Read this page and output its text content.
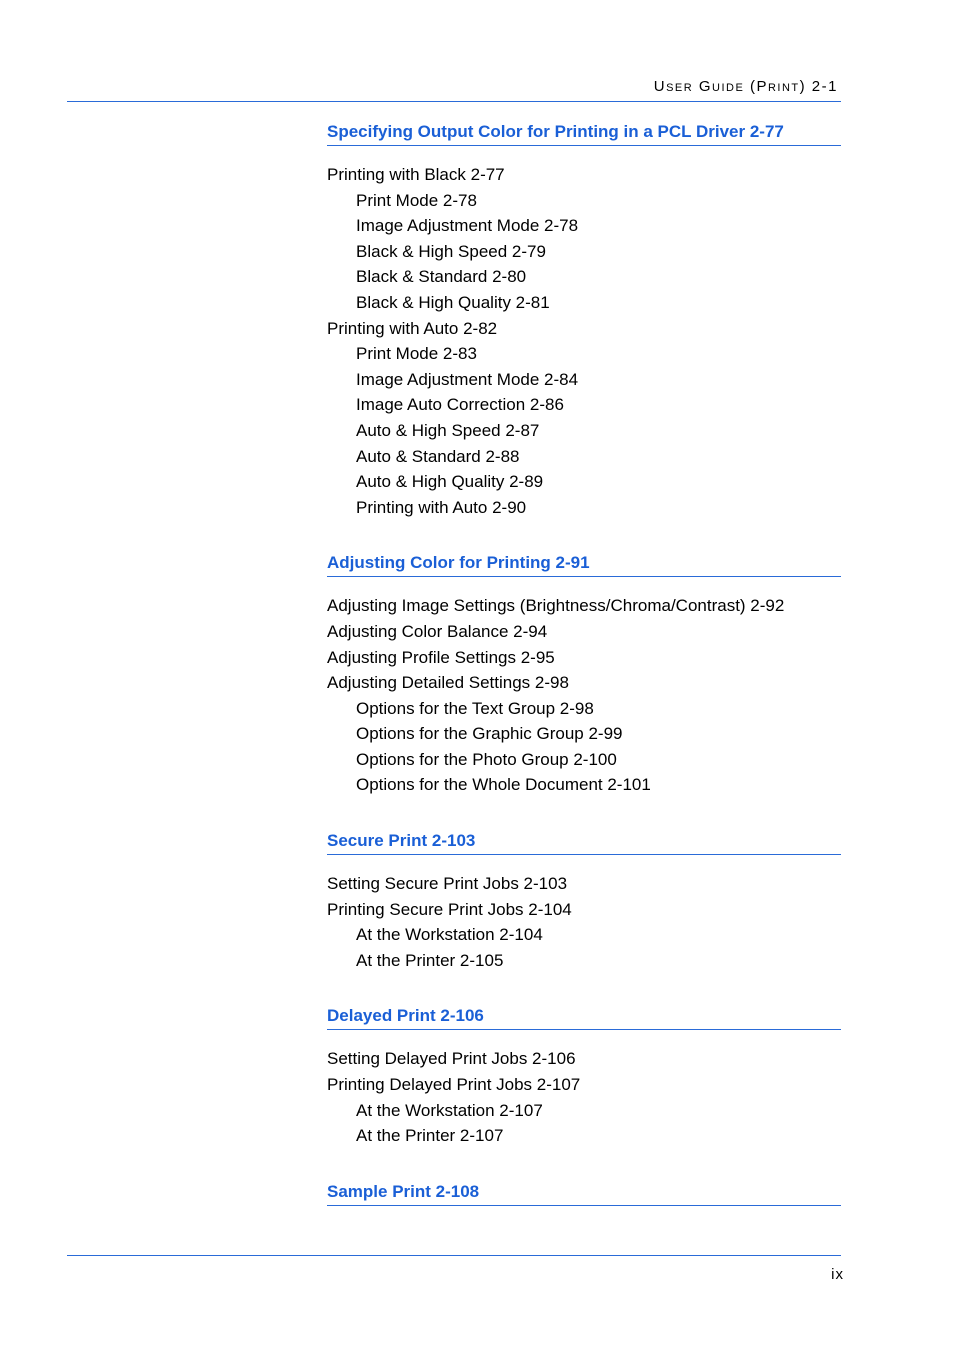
User Guide (Print) 2-1
Specifying Output Color for Printing in a PCL Driver 2-77
Printing with Black 2-77
Print Mode 2-78
Image Adjustment Mode 2-78
Black & High Speed 2-79
Black & Standard 2-80
Black & High Quality 2-81
Printing with Auto 2-82
Print Mode 2-83
Image Adjustment Mode 2-84
Image Auto Correction 2-86
Auto & High Speed 2-87
Auto & Standard 2-88
Auto & High Quality 2-89
Printing with Auto 2-90
Adjusting Color for Printing 2-91
Adjusting Image Settings (Brightness/Chroma/Contrast) 2-92
Adjusting Color Balance 2-94
Adjusting Profile Settings 2-95
Adjusting Detailed Settings 2-98
Options for the Text Group 2-98
Options for the Graphic Group 2-99
Options for the Photo Group 2-100
Options for the Whole Document 2-101
Secure Print 2-103
Setting Secure Print Jobs 2-103
Printing Secure Print Jobs 2-104
At the Workstation 2-104
At the Printer 2-105
Delayed Print 2-106
Setting Delayed Print Jobs 2-106
Printing Delayed Print Jobs 2-107
At the Workstation 2-107
At the Printer 2-107
Sample Print 2-108
ix
